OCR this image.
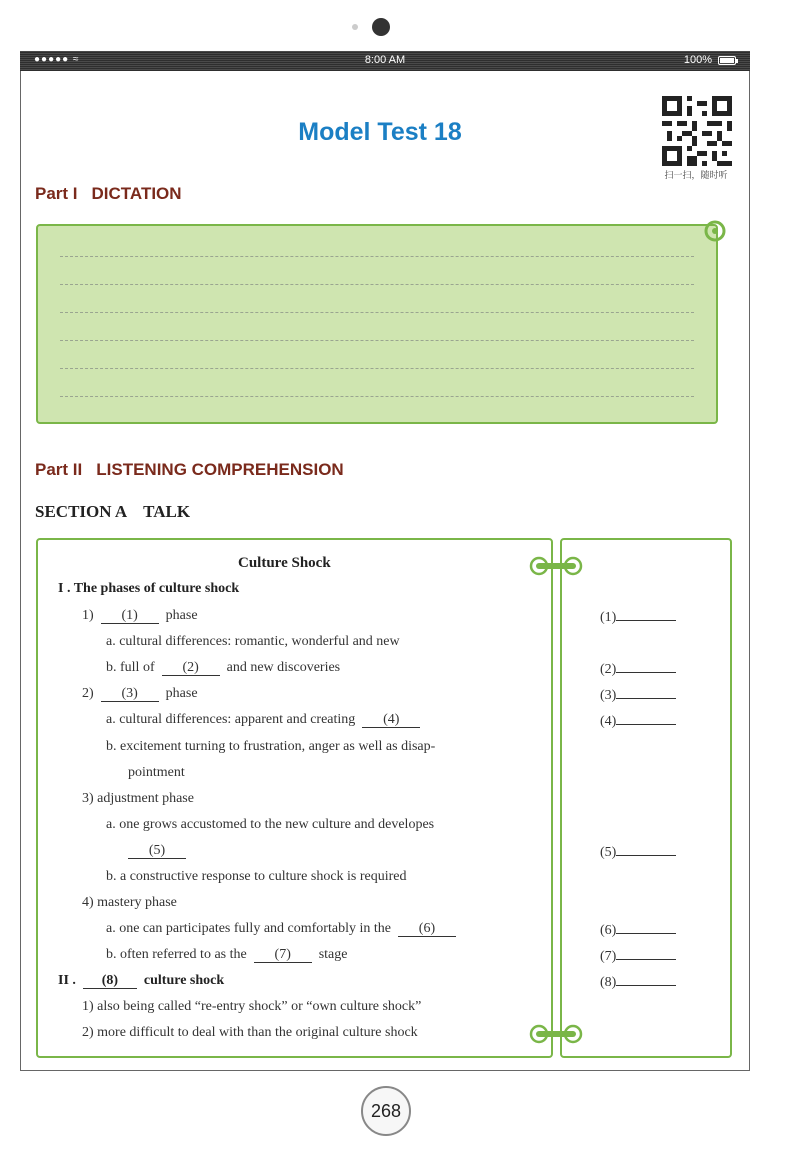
●●●●● ≈	8:00 AM	100%
Model Test 18
扫一扫，随时听
Part I DICTATION
Part II LISTENING COMPREHENSION
SECTION A TALK
Culture Shock
I . The phases of culture shock
1) (1) phase
a. cultural differences: romantic, wonderful and new
b. full of (2) and new discoveries
2) (3) phase
a. cultural differences: apparent and creating (4)
b. excitement turning to frustration, anger as well as disap-
pointment
3) adjustment phase
a. one grows accustomed to the new culture and developes
(5)
b. a constructive response to culture shock is required
4) mastery phase
a. one can participates fully and comfortably in the (6)
b. often referred to as the (7) stage
II . (8) culture shock
1) also being called “re-entry shock” or “own culture shock”
2) more difficult to deal with than the original culture shock
(1)
(2)
(3)
(4)
(5)
(6)
(7)
(8)
268
